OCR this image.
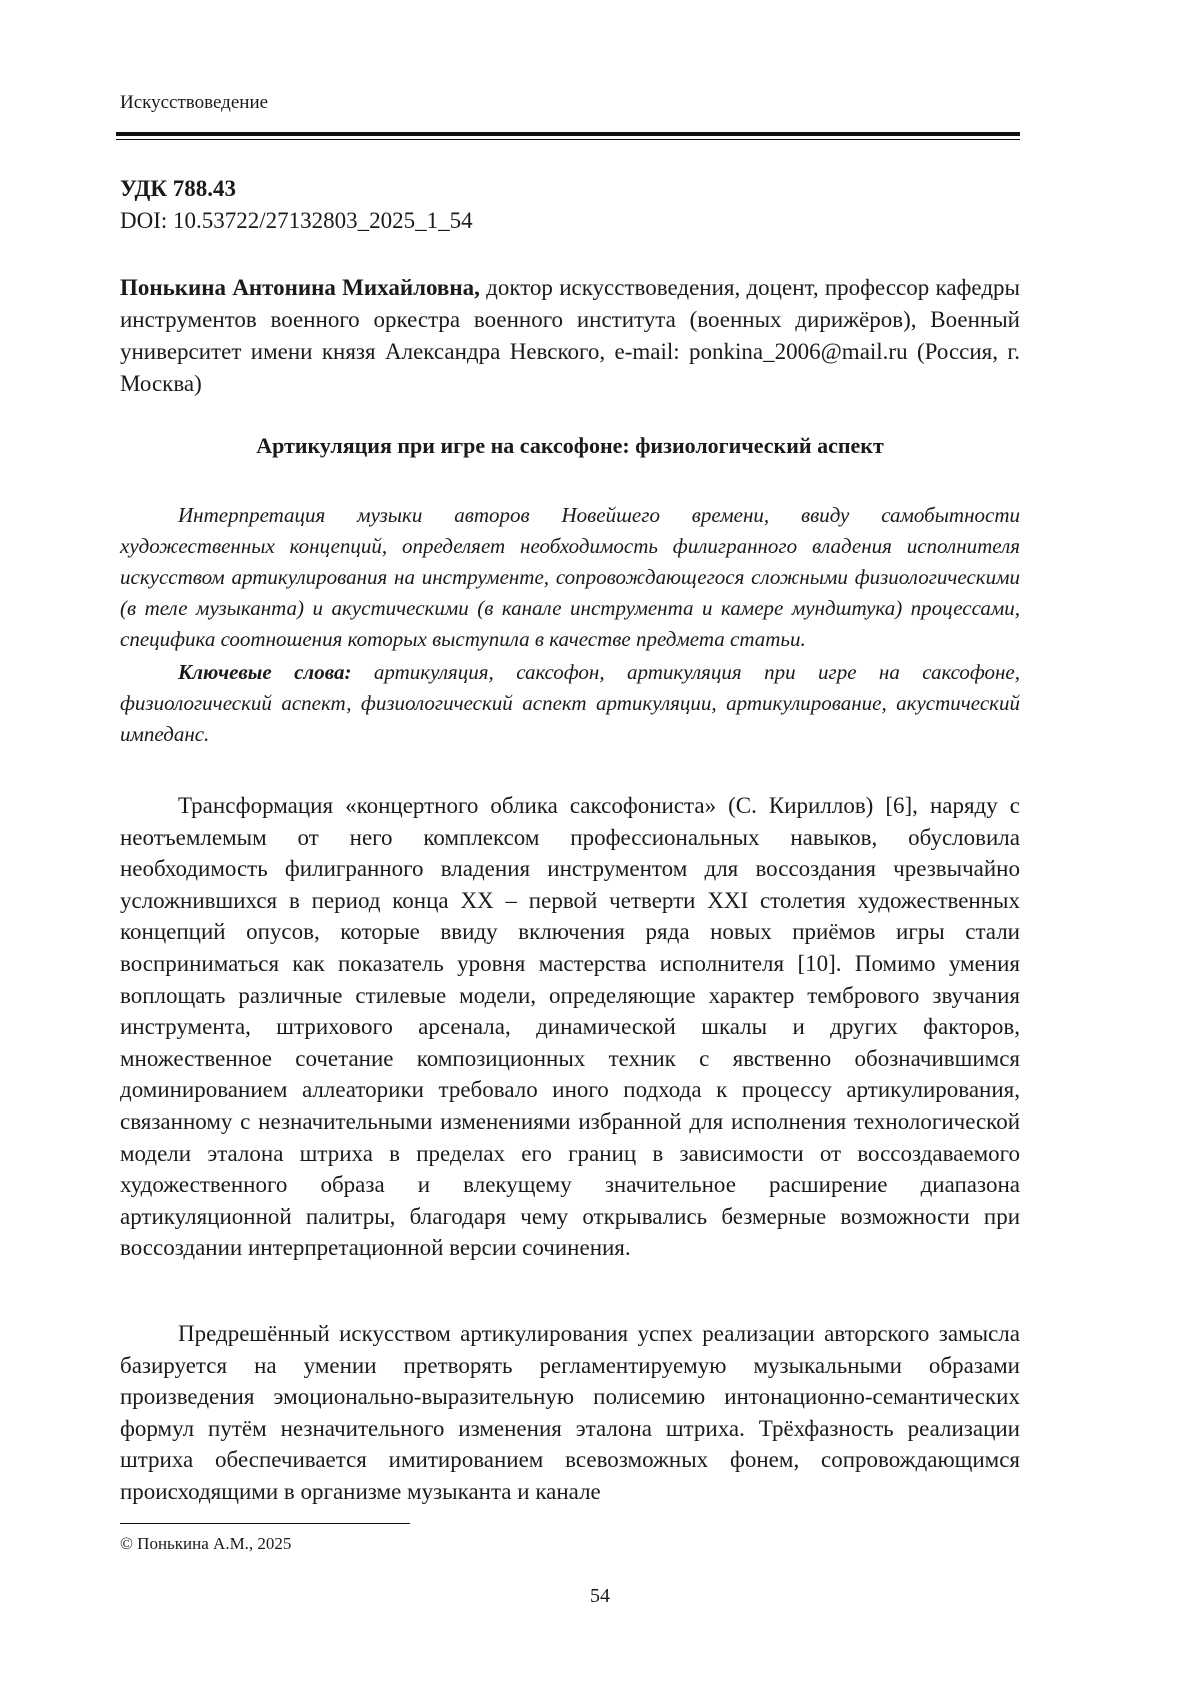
Искусствоведение
УДК 788.43
DOI: 10.53722/27132803_2025_1_54
Понькина Антонина Михайловна, доктор искусствоведения, доцент, профессор кафедры инструментов военного оркестра военного института (военных дирижёров), Военный университет имени князя Александра Невского, e-mail: ponkina_2006@mail.ru (Россия, г. Москва)
Артикуляция при игре на саксофоне: физиологический аспект
Интерпретация музыки авторов Новейшего времени, ввиду самобытности художественных концепций, определяет необходимость филигранного владения исполнителя искусством артикулирования на инструменте, сопровождающегося сложными физиологическими (в теле музыканта) и акустическими (в канале инструмента и камере мундштука) процессами, специфика соотношения которых выступила в качестве предмета статьи.
Ключевые слова: артикуляция, саксофон, артикуляция при игре на саксофоне, физиологический аспект, физиологический аспект артикуляции, артикулирование, акустический импеданс.
Трансформация «концертного облика саксофониста» (С. Кириллов) [6], наряду с неотъемлемым от него комплексом профессиональных навыков, обусловила необходимость филигранного владения инструментом для воссоздания чрезвычайно усложнившихся в период конца XX – первой четверти XXI столетия художественных концепций опусов, которые ввиду включения ряда новых приёмов игры стали восприниматься как показатель уровня мастерства исполнителя [10]. Помимо умения воплощать различные стилевые модели, определяющие характер тембрового звучания инструмента, штрихового арсенала, динамической шкалы и других факторов, множественное сочетание композиционных техник с явственно обозначившимся доминированием аллеаторики требовало иного подхода к процессу артикулирования, связанному с незначительными изменениями избранной для исполнения технологической модели эталона штриха в пределах его границ в зависимости от воссоздаваемого художественного образа и влекущему значительное расширение диапазона артикуляционной палитры, благодаря чему открывались безмерные возможности при воссоздании интерпретационной версии сочинения.
Предрешённый искусством артикулирования успех реализации авторского замысла базируется на умении претворять регламентируемую музыкальными образами произведения эмоционально-выразительную полисемию интонационно-семантических формул путём незначительного изменения эталона штриха. Трёхфазность реализации штриха обеспечивается имитированием всевозможных фонем, сопровождающимся происходящими в организме музыканта и канале
© Понькина А.М., 2025
54
